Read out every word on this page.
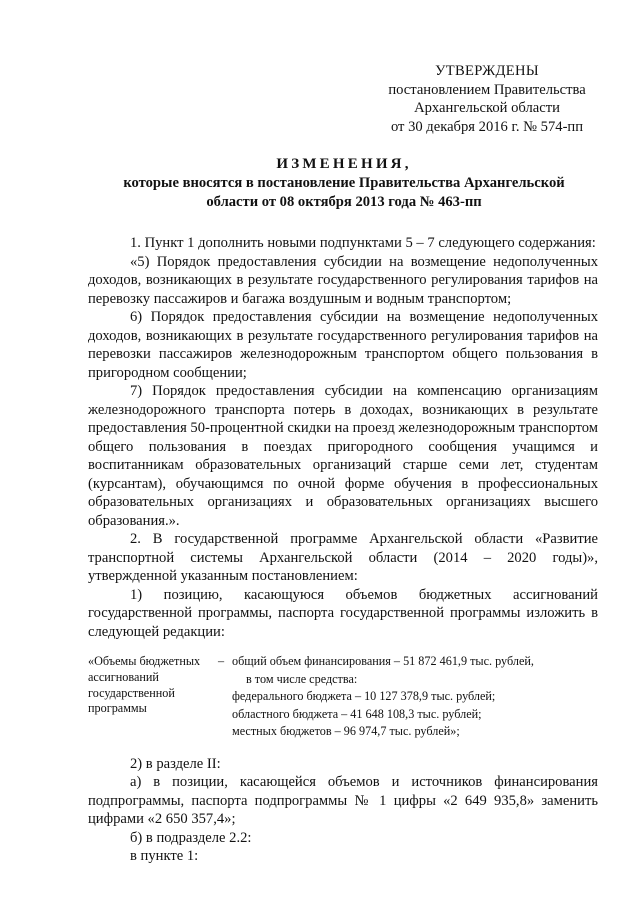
УТВЕРЖДЕНЫ
постановлением Правительства
Архангельской области
от 30 декабря 2016 г. № 574-пп
ИЗМЕНЕНИЯ,
которые вносятся в постановление Правительства Архангельской
области от 08 октября 2013 года № 463-пп

1. Пункт 1 дополнить новыми подпунктами 5 – 7 следующего содержания:

«5) Порядок предоставления субсидии на возмещение недополученных доходов, возникающих в результате государственного регулирования тарифов на перевозку пассажиров и багажа воздушным и водным транспортом;

6) Порядок предоставления субсидии на возмещение недополученных доходов, возникающих в результате государственного регулирования тарифов на перевозки пассажиров железнодорожным транспортом общего пользования в пригородном сообщении;

7) Порядок предоставления субсидии на компенсацию организациям железнодорожного транспорта потерь в доходах, возникающих в результате предоставления 50-процентной скидки на проезд железнодорожным транспортом общего пользования в поездах пригородного сообщения учащимся и воспитанникам образовательных организаций старше семи лет, студентам (курсантам), обучающимся по очной форме обучения в профессиональных образовательных организациях и образовательных организациях высшего образования.».

2. В государственной программе Архангельской области «Развитие транспортной системы Архангельской области (2014 – 2020 годы)», утвержденной указанным постановлением:

1) позицию, касающуюся объемов бюджетных ассигнований государственной программы, паспорта государственной программы изложить в следующей редакции:

«Объемы бюджетных ассигнований государственной программы
– общий объем финансирования – 51 872 461,9 тыс. рублей,
в том числе средства:
федерального бюджета – 10 127 378,9 тыс. рублей;
областного бюджета – 41 648 108,3 тыс. рублей;
местных бюджетов – 96 974,7 тыс. рублей»;

2) в разделе II:

а) в позиции, касающейся объемов и источников финансирования подпрограммы, паспорта подпрограммы № 1 цифры «2 649 935,8» заменить цифрами «2 650 357,4»;

б) в подразделе 2.2:

в пункте 1:
